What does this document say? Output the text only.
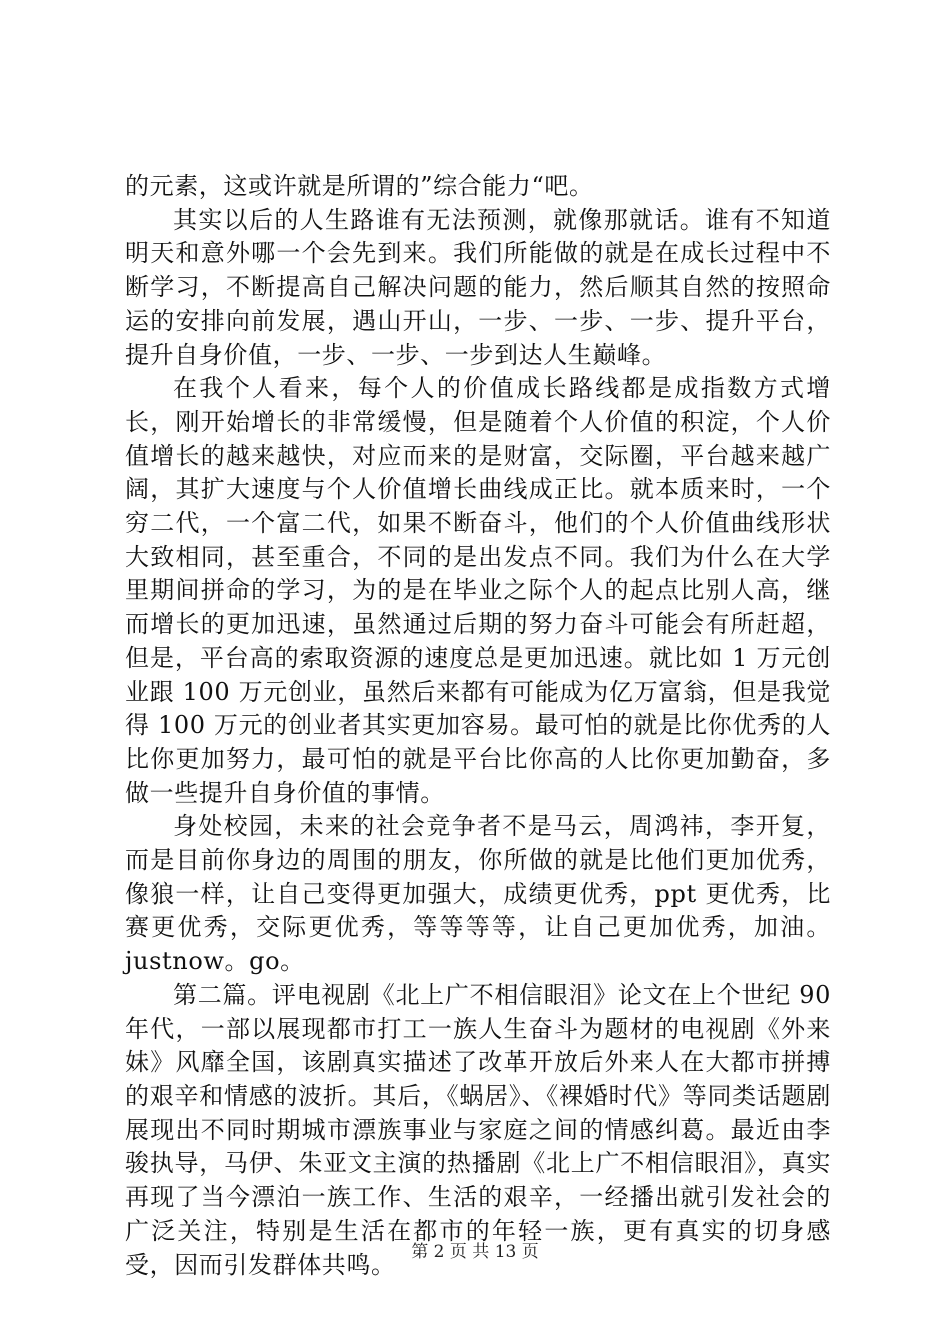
的元素，这或许就是所谓的”综合能力“吧。

其实以后的人生路谁有无法预测，就像那就话。谁有不知道明天和意外哪一个会先到来。我们所能做的就是在成长过程中不断学习，不断提高自己解决问题的能力，然后顺其自然的按照命运的安排向前发展，遇山开山，一步、一步、一步、提升平台，提升自身价值，一步、一步、一步到达人生巅峰。

在我个人看来，每个人的价值成长路线都是成指数方式增长，刚开始增长的非常缓慢，但是随着个人价值的积淀，个人价值增长的越来越快，对应而来的是财富，交际圈，平台越来越广阔，其扩大速度与个人价值增长曲线成正比。就本质来时，一个穷二代，一个富二代，如果不断奋斗，他们的个人价值曲线形状大致相同，甚至重合，不同的是出发点不同。我们为什么在大学里期间拼命的学习，为的是在毕业之际个人的起点比别人高，继而增长的更加迅速，虽然通过后期的努力奋斗可能会有所赶超，但是，平台高的索取资源的速度总是更加迅速。就比如 1 万元创业跟 100 万元创业，虽然后来都有可能成为亿万富翁，但是我觉得 100 万元的创业者其实更加容易。最可怕的就是比你优秀的人比你更加努力，最可怕的就是平台比你高的人比你更加勤奋，多做一些提升自身价值的事情。

身处校园，未来的社会竞争者不是马云，周鸿祎，李开复，而是目前你身边的周围的朋友，你所做的就是比他们更加优秀，像狼一样，让自己变得更加强大，成绩更优秀，ppt 更优秀，比赛更优秀，交际更优秀，等等等等，让自己更加优秀，加油。justnow。go。

第二篇。评电视剧《北上广不相信眼泪》论文在上个世纪 90 年代，一部以展现都市打工一族人生奋斗为题材的电视剧《外来妹》风靡全国，该剧真实描述了改革开放后外来人在大都市拼搏的艰辛和情感的波折。其后，《蜗居》、《裸婚时代》等同类话题剧展现出不同时期城市漂族事业与家庭之间的情感纠葛。最近由李骏执导，马伊、朱亚文主演的热播剧《北上广不相信眼泪》，真实再现了当今漂泊一族工作、生活的艰辛，一经播出就引发社会的广泛关注，特别是生活在都市的年轻一族，更有真实的切身感受，因而引发群体共鸣。 第 2 页 共 13 页
